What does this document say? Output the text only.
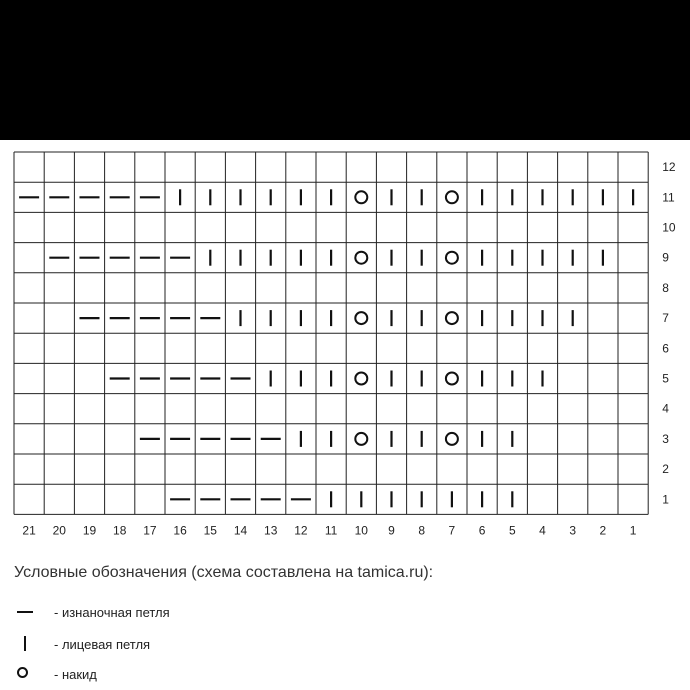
21 20 19 18 17 16 15 14 13 12 11 10 9 8 7 6 5 4 3 2 1
12
11
10
9
8
7
6
5
4
3
2
1
Условные обозначения (схема составлена на tamica.ru):
- изнаночная петля
- лицевая петля
- накид
